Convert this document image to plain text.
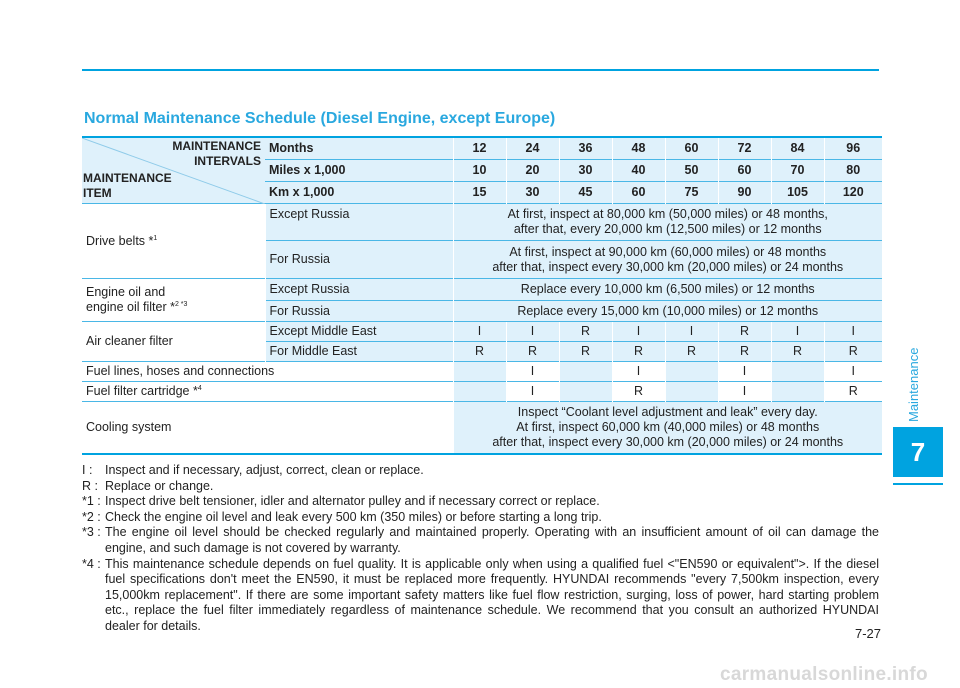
Normal Maintenance Schedule (Diesel Engine, except Europe)
MAINTENANCE
INTERVALS
MAINTENANCE
ITEM	Months	12	24	36	48	60	72	84	96
	Miles x 1,000	10	20	30	40	50	60	70	80
	Km x 1,000	15	30	45	60	75	90	105	120
Drive belts *$^1$	Except Russia	At first, inspect at 80,000 km (50,000 miles) or 48 months,
after that, every 20,000 km (12,500 miles) or 12 months							
	For Russia	At first, inspect at 90,000 km (60,000 miles) or 48 months
after that, inspect every 30,000 km (20,000 miles) or 24 months							
Engine oil and
engine oil filter *$^{2 *3}$	Except Russia	Replace every 10,000 km (6,500 miles) or 12 months							
	For Russia	Replace every 15,000 km (10,000 miles) or 12 months							
Air cleaner filter	Except Middle East	I	I	R	I	I	R	I	I
	For Middle East	R	R	R	R	R	R	R	R
Fuel lines, hoses and connections			I		I		I		I
Fuel filter cartridge *$^4$			I		R		I		R
Cooling system		Inspect “Coolant level adjustment and leak” every day.
At first, inspect 60,000 km (40,000 miles) or 48 months
after that, inspect every 30,000 km (20,000 miles) or 24 months							
I : Inspect and if necessary, adjust, correct, clean or replace.
R : Replace or change.
*1 : Inspect drive belt tensioner, idler and alternator pulley and if necessary correct or replace.
*2 : Check the engine oil level and leak every 500 km (350 miles) or before starting a long trip.
*3 : The engine oil level should be checked regularly and maintained properly. Operating with an insufficient amount of oil can damage the engine, and such damage is not covered by warranty.
*4 : This maintenance schedule depends on fuel quality. It is applicable only when using a qualified fuel <"EN590 or equivalent">. If the diesel fuel specifications don't meet the EN590, it must be replaced more frequently. HYUNDAI recommends "every 7,500km inspection, every 15,000km replacement". If there are some important safety matters like fuel flow restriction, surging, loss of power, hard starting problem etc., replace the fuel filter immediately regardless of maintenance schedule. We recommend that you consult an authorized HYUNDAI dealer for details.
7-27
Maintenance
7
carmanualsonline.info
